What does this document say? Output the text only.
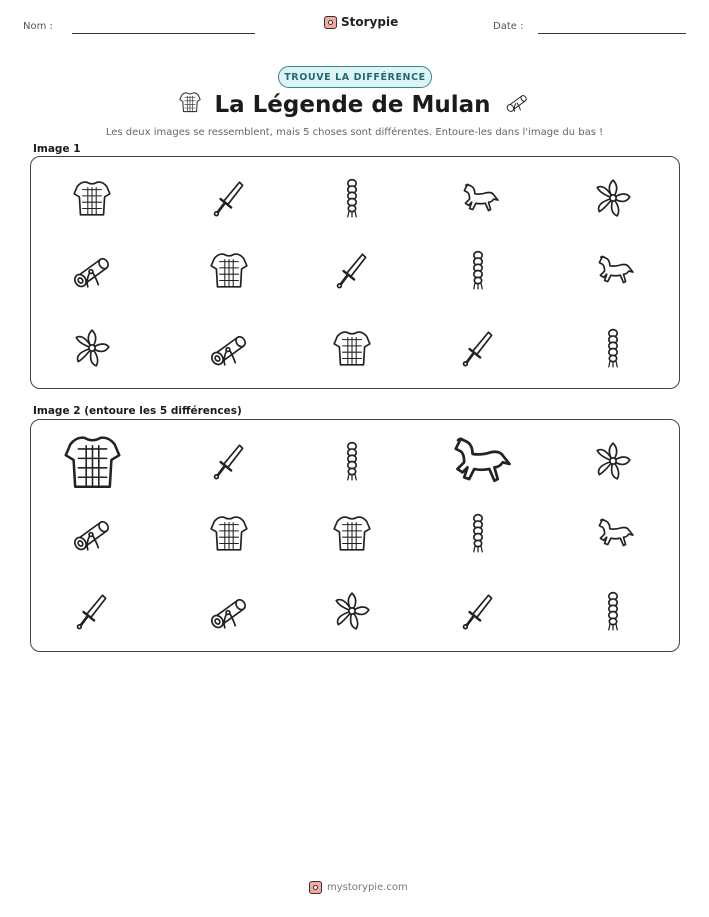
Nom :	Storypie	Date :
TROUVE LA DIFFÉRENCE
La Légende de Mulan
Les deux images se ressemblent, mais 5 choses sont différentes. Entoure-les dans l'image du bas !
Image 1
Image 2 (entoure les 5 différences)
mystorypie.com
